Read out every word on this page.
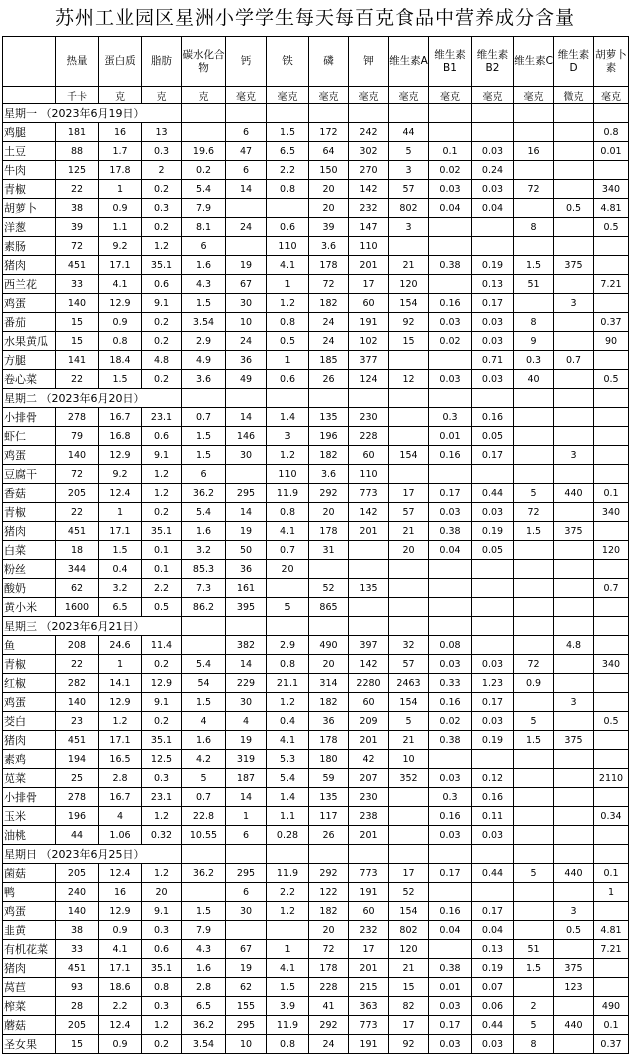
苏州工业园区星洲小学学生每天每百克食品中营养成分含量
	热量	蛋白质	脂肪	碳水化合物	钙	铁	磷	钾	维生素A	维生素B1	维生素B2	维生素C	维生素D	胡萝卜素
	千卡	克	克	克	毫克	毫克	毫克	毫克	毫克	毫克	毫克	毫克	微克	毫克
星期一 （2023年6月19日）														
鸡腿	181	16	13		6	1.5	172	242	44					0.8
土豆	88	1.7	0.3	19.6	47	6.5	64	302	5	0.1	0.03	16		0.01
牛肉	125	17.8	2	0.2	6	2.2	150	270	3	0.02	0.24			
青椒	22	1	0.2	5.4	14	0.8	20	142	57	0.03	0.03	72		340
胡萝卜	38	0.9	0.3	7.9			20	232	802	0.04	0.04		0.5	4.81
洋葱	39	1.1	0.2	8.1	24	0.6	39	147	3			8		0.5
素肠	72	9.2	1.2	6		110	3.6	110						
猪肉	451	17.1	35.1	1.6	19	4.1	178	201	21	0.38	0.19	1.5	375	
西兰花	33	4.1	0.6	4.3	67	1	72	17	120		0.13	51		7.21
鸡蛋	140	12.9	9.1	1.5	30	1.2	182	60	154	0.16	0.17		3	
番茄	15	0.9	0.2	3.54	10	0.8	24	191	92	0.03	0.03	8		0.37
水果黄瓜	15	0.8	0.2	2.9	24	0.5	24	102	15	0.02	0.03	9		90
方腿	141	18.4	4.8	4.9	36	1	185	377			0.71	0.3	0.7	
卷心菜	22	1.5	0.2	3.6	49	0.6	26	124	12	0.03	0.03	40		0.5
星期二 （2023年6月20日）														
小排骨	278	16.7	23.1	0.7	14	1.4	135	230		0.3	0.16			
虾仁	79	16.8	0.6	1.5	146	3	196	228		0.01	0.05			
鸡蛋	140	12.9	9.1	1.5	30	1.2	182	60	154	0.16	0.17		3	
豆腐干	72	9.2	1.2	6		110	3.6	110						
香菇	205	12.4	1.2	36.2	295	11.9	292	773	17	0.17	0.44	5	440	0.1
青椒	22	1	0.2	5.4	14	0.8	20	142	57	0.03	0.03	72		340
猪肉	451	17.1	35.1	1.6	19	4.1	178	201	21	0.38	0.19	1.5	375	
白菜	18	1.5	0.1	3.2	50	0.7	31		20	0.04	0.05			120
粉丝	344	0.4	0.1	85.3	36	20								
酸奶	62	3.2	2.2	7.3	161		52	135						0.7
黄小米	1600	6.5	0.5	86.2	395	5	865							
星期三 （2023年6月21日）														
鱼	208	24.6	11.4		382	2.9	490	397	32	0.08			4.8	
青椒	22	1	0.2	5.4	14	0.8	20	142	57	0.03	0.03	72		340
红椒	282	14.1	12.9	54	229	21.1	314	2280	2463	0.33	1.23	0.9		
鸡蛋	140	12.9	9.1	1.5	30	1.2	182	60	154	0.16	0.17		3	
茭白	23	1.2	0.2	4	4	0.4	36	209	5	0.02	0.03	5		0.5
猪肉	451	17.1	35.1	1.6	19	4.1	178	201	21	0.38	0.19	1.5	375	
素鸡	194	16.5	12.5	4.2	319	5.3	180	42	10					
苋菜	25	2.8	0.3	5	187	5.4	59	207	352	0.03	0.12			2110
小排骨	278	16.7	23.1	0.7	14	1.4	135	230		0.3	0.16			
玉米	196	4	1.2	22.8	1	1.1	117	238		0.16	0.11			0.34
油桃	44	1.06	0.32	10.55	6	0.28	26	201		0.03	0.03			
星期日 （2023年6月25日）														
菌菇	205	12.4	1.2	36.2	295	11.9	292	773	17	0.17	0.44	5	440	0.1
鸭	240	16	20		6	2.2	122	191	52					1
鸡蛋	140	12.9	9.1	1.5	30	1.2	182	60	154	0.16	0.17		3	
韭黄	38	0.9	0.3	7.9			20	232	802	0.04	0.04		0.5	4.81
有机花菜	33	4.1	0.6	4.3	67	1	72	17	120		0.13	51		7.21
猪肉	451	17.1	35.1	1.6	19	4.1	178	201	21	0.38	0.19	1.5	375	
莴苣	93	18.6	0.8	2.8	62	1.5	228	215	15	0.01	0.07		123	
榨菜	28	2.2	0.3	6.5	155	3.9	41	363	82	0.03	0.06	2		490
蘑菇	205	12.4	1.2	36.2	295	11.9	292	773	17	0.17	0.44	5	440	0.1
圣女果	15	0.9	0.2	3.54	10	0.8	24	191	92	0.03	0.03	8		0.37
